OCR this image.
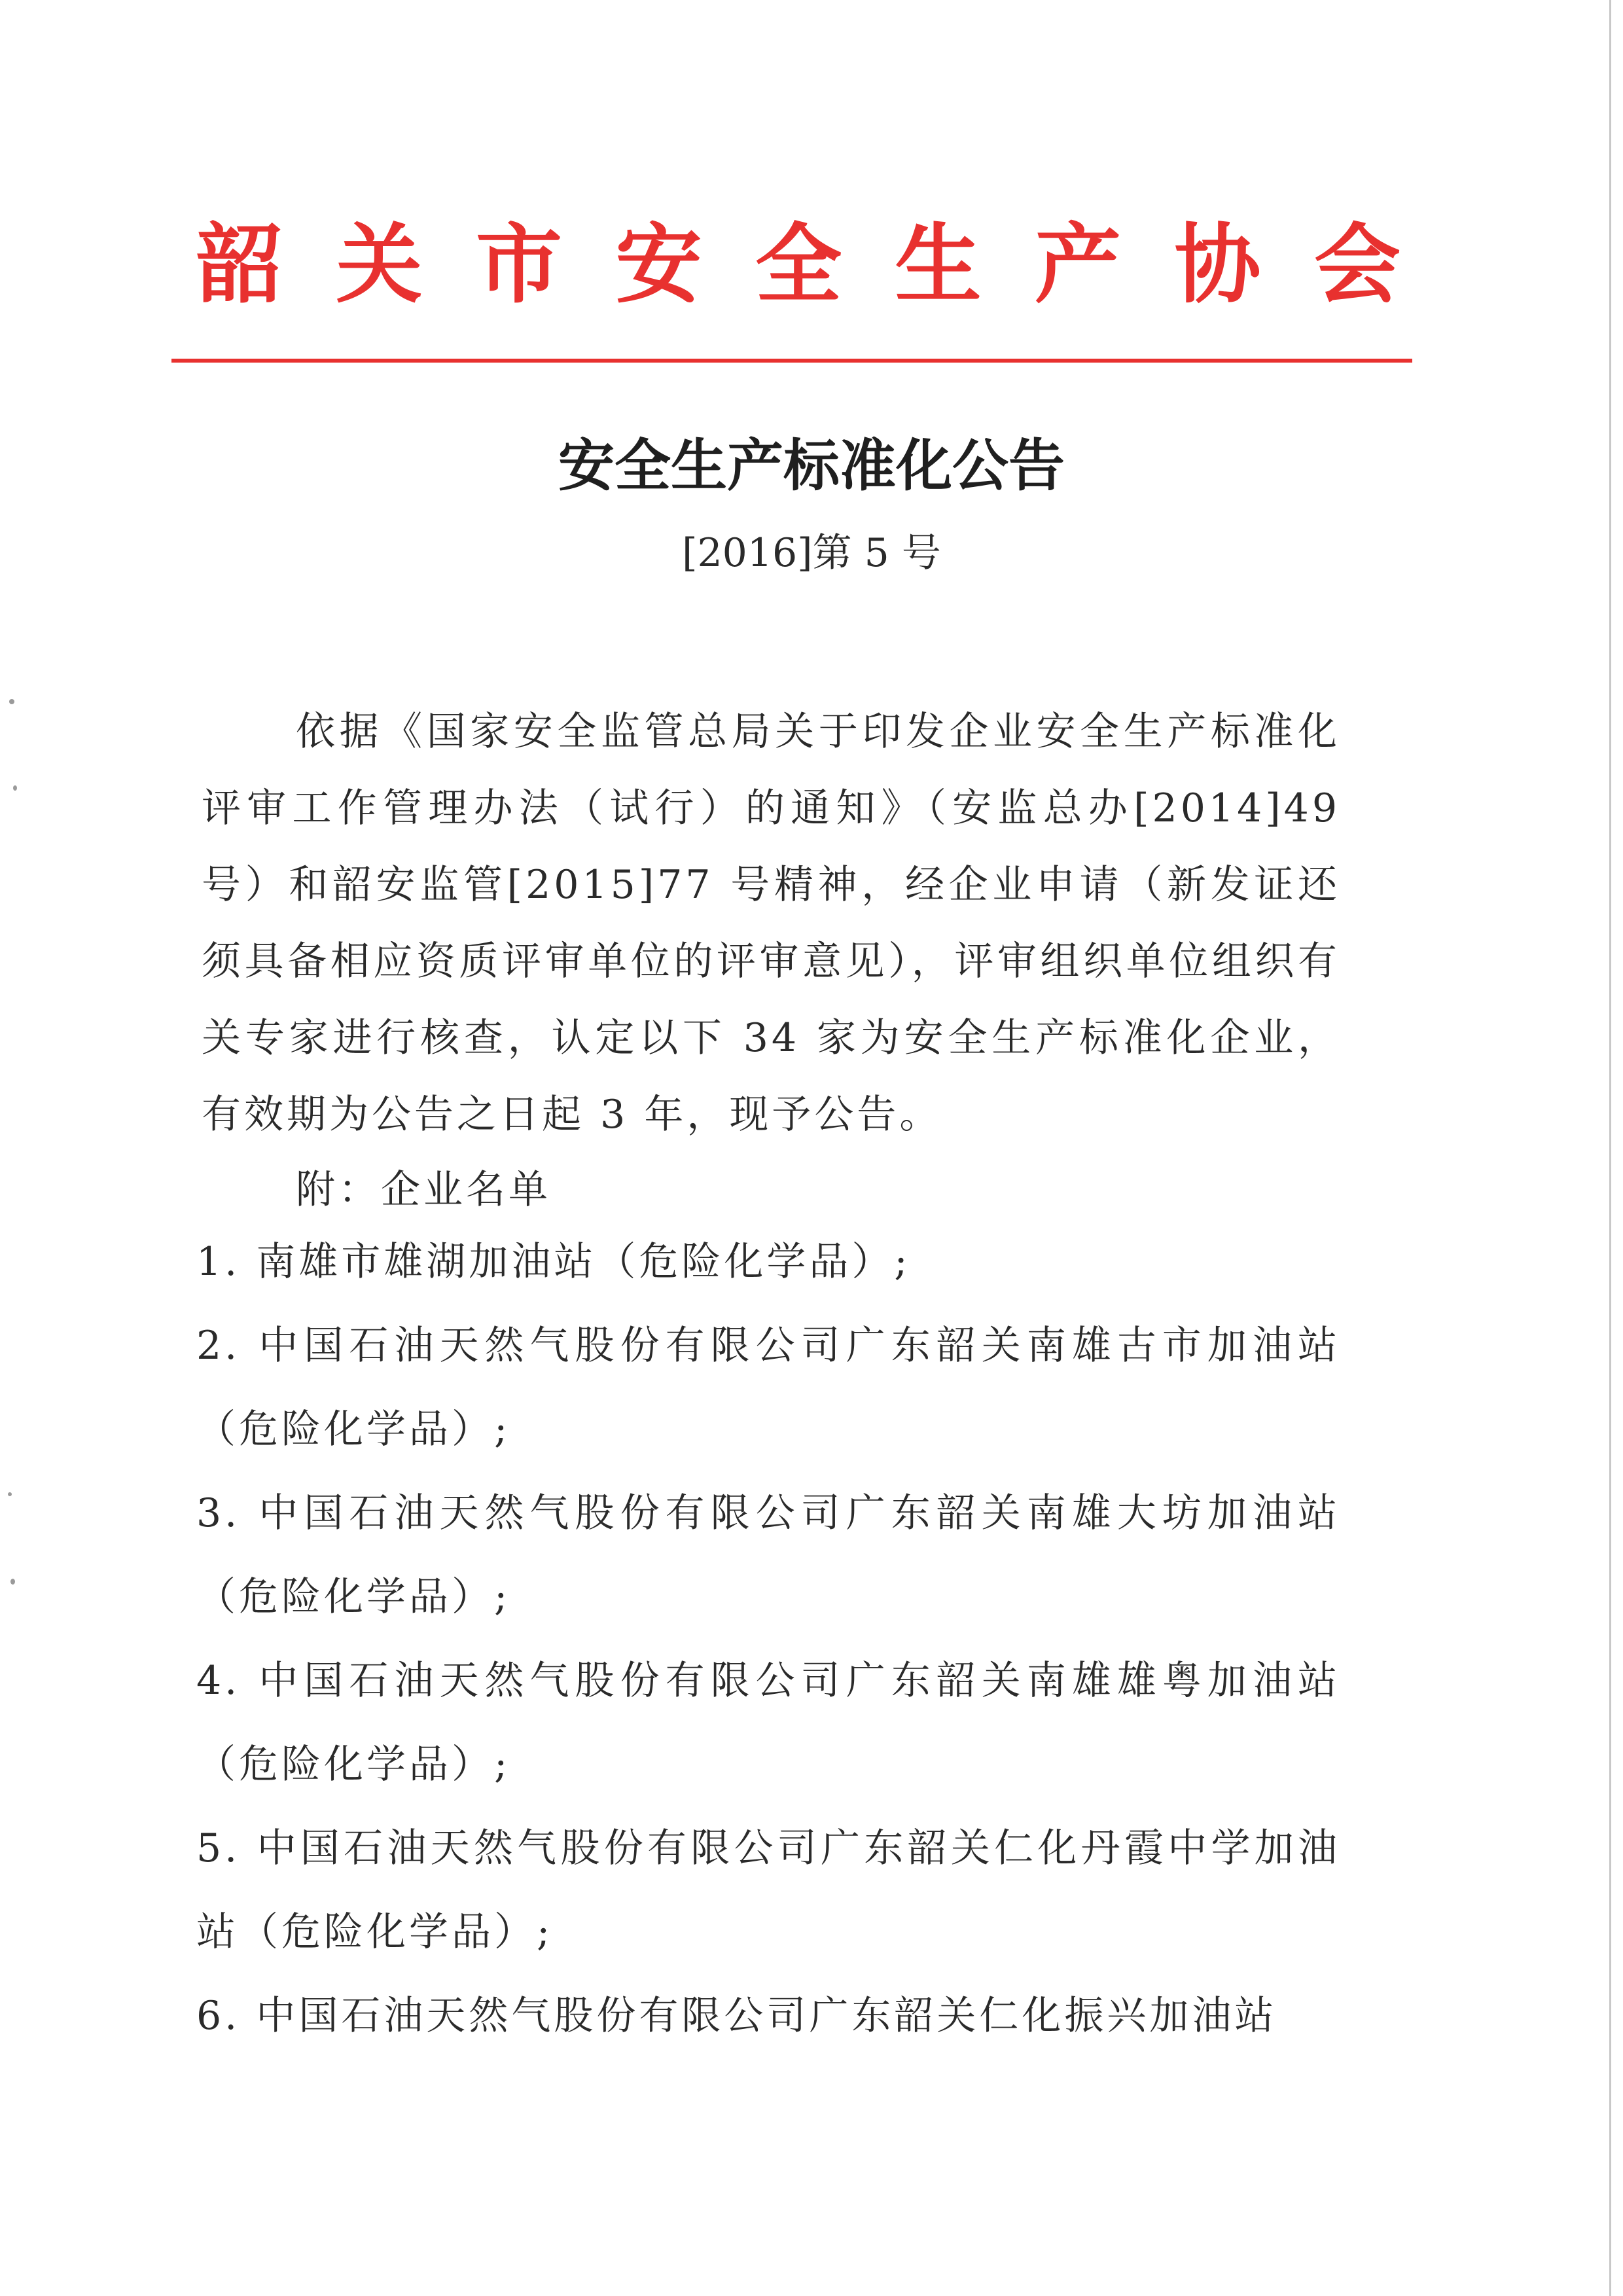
韶 关 市 安 全 生 产 协 会
安全生产标准化公告
[2016]第 5 号

依据《国家安全监管总局关于印发企业安全生产标准化评审工作管理办法（试行）的通知》（安监总办[2014]49 号）和韶安监管[2015]77 号精神，经企业申请（新发证还须具备相应资质评审单位的评审意见），评审组织单位组织有关专家进行核查，认定以下 34 家为安全生产标准化企业，有效期为公告之日起 3 年，现予公告。

附：企业名单
1. 南雄市雄湖加油站（危险化学品）;
2. 中国石油天然气股份有限公司广东韶关南雄古市加油站（危险化学品）;
3. 中国石油天然气股份有限公司广东韶关南雄大坊加油站（危险化学品）;
4. 中国石油天然气股份有限公司广东韶关南雄雄粤加油站（危险化学品）;
5. 中国石油天然气股份有限公司广东韶关仁化丹霞中学加油站（危险化学品）;
6. 中国石油天然气股份有限公司广东韶关仁化振兴加油站
